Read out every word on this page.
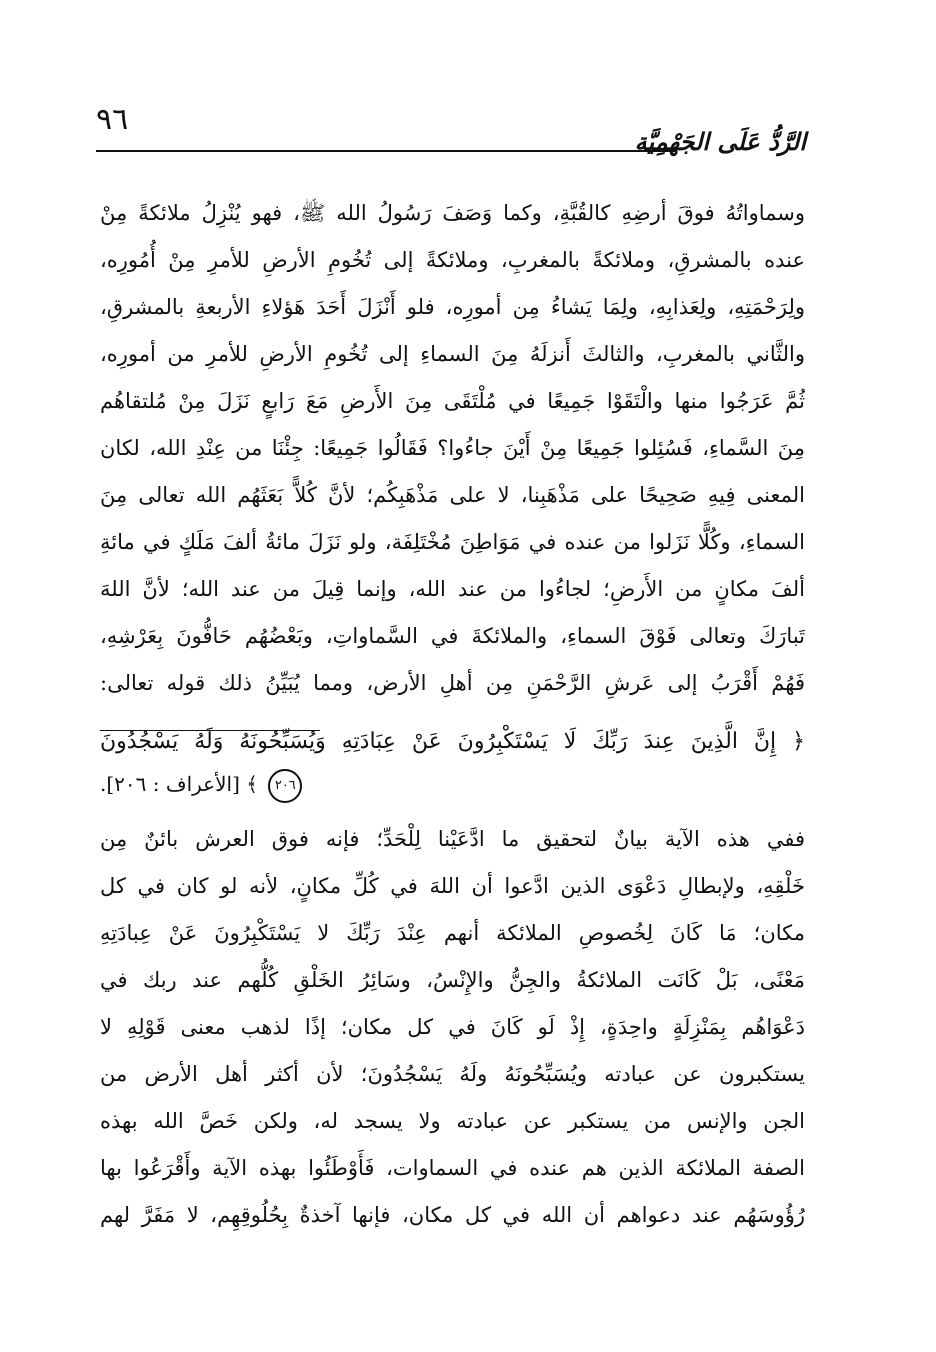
٩٦
الرَّدُّ عَلَى الجَهْمِيَّة
وسماواتُهُ فوقَ أرضِهِ كالقُبَّةِ، وكما وَصَفَ رَسُولُ الله ﷺ، فهو يُنْزِلُ ملائكةً مِنْ
عنده بالمشرقِ، وملائكةً بالمغربِ، وملائكةً إلى تُخُومِ الأرضِ للأمرِ مِنْ أُمُورِه،
ولِرَحْمَتِهِ، ولِعَذابِهِ، ولِمَا يَشاءُ مِن أمورِه، فلو أَنْزَلَ أَحَدَ هَؤلاءِ الأربعةِ بالمشرقِ،
والثَّاني بالمغربِ، والثالثَ أَنزلَهُ مِنَ السماءِ إلى تُخُومِ الأرضِ للأمرِ من أمورِه،
ثُمَّ عَرَجُوا منها والْتَقَوْا جَمِيعًا في مُلْتَقَى مِنَ الأَرضِ مَعَ رَابعٍ نَزَلَ مِنْ مُلتقاهُم
مِنَ السَّماءِ، فَسُئِلوا جَمِيعًا مِنْ أَيْنَ جاءُوا؟ فَقَالُوا جَمِيعًا: جِئْنَا من عِنْدِ الله، لكان
المعنى فِيهِ صَحِيحًا على مَذْهَبِنا، لا على مَذْهَبِكُم؛ لأنَّ كُلاًّ بَعَثَهُم الله تعالى مِنَ
السماءِ، وكُلًّا نَزَلوا من عنده في مَوَاطِنَ مُخْتَلِفَة، ولو نَزَلَ مائةُ ألفَ مَلَكٍ في مائةِ
ألفَ مكانٍ من الأَرضِ؛ لجاءُوا من عند الله، وإنما قِيلَ من عند الله؛ لأنَّ اللهَ
تَبارَكَ وتعالى فَوْقَ السماءِ، والملائكةَ في السَّماواتِ، وبَعْضُهُم حَافُّونَ بِعَرْشِهِ،
فَهُمْ أَقْرَبُ إلى عَرشِ الرَّحْمَنِ مِن أهلِ الأرض، ومما يُبَيِّنُ ذلك قوله تعالى:
﴿ إِنَّ الَّذِينَ عِندَ رَبِّكَ لَا يَسْتَكْبِرُونَ عَنْ عِبَادَتِهِ وَيُسَبِّحُونَهُ وَلَهُ يَسْجُدُونَ
٢٠٦ ﴾ [الأعراف : ٢٠٦].
ففي هذه الآية بيانٌ لتحقيق ما ادَّعَيْنا لِلْحَدِّ؛ فإنه فوق العرش بائنٌ مِن
خَلْقِهِ، ولإبطالِ دَعْوَى الذين ادَّعوا أن اللهَ في كُلِّ مكانٍ، لأنه لو كان في كل
مكان؛ مَا كَانَ لِخُصوصِ الملائكة أنهم عِنْدَ رَبِّكَ لا يَسْتَكْبِرُونَ عَنْ عِبادَتِهِ
مَعْنًى، بَلْ كَانَت الملائكةُ والجِنُّ والإِنْسُ، وسَائِرُ الخَلْقِ كُلُّهم عند ربك في
دَعْوَاهُم بِمَنْزِلَةٍ واحِدَةٍ، إِذْ لَو كَانَ في كل مكان؛ إذًا لذهب معنى قَوْلِهِ لا
يستكبرون عن عبادته ويُسَبِّحُونَهُ ولَهُ يَسْجُدُونَ؛ لأن أكثر أهل الأرض من
الجن والإنس من يستكبر عن عبادته ولا يسجد له، ولكن خَصَّ الله بهذه
الصفة الملائكة الذين هم عنده في السماوات، فَأَوْطَئُوا بهذه الآية وأَقْرَعُوا بها
رُؤُوسَهُم عند دعواهم أن الله في كل مكان، فإنها آخذةٌ بِحُلُوقِهِم، لا مَفَرَّ لهم
